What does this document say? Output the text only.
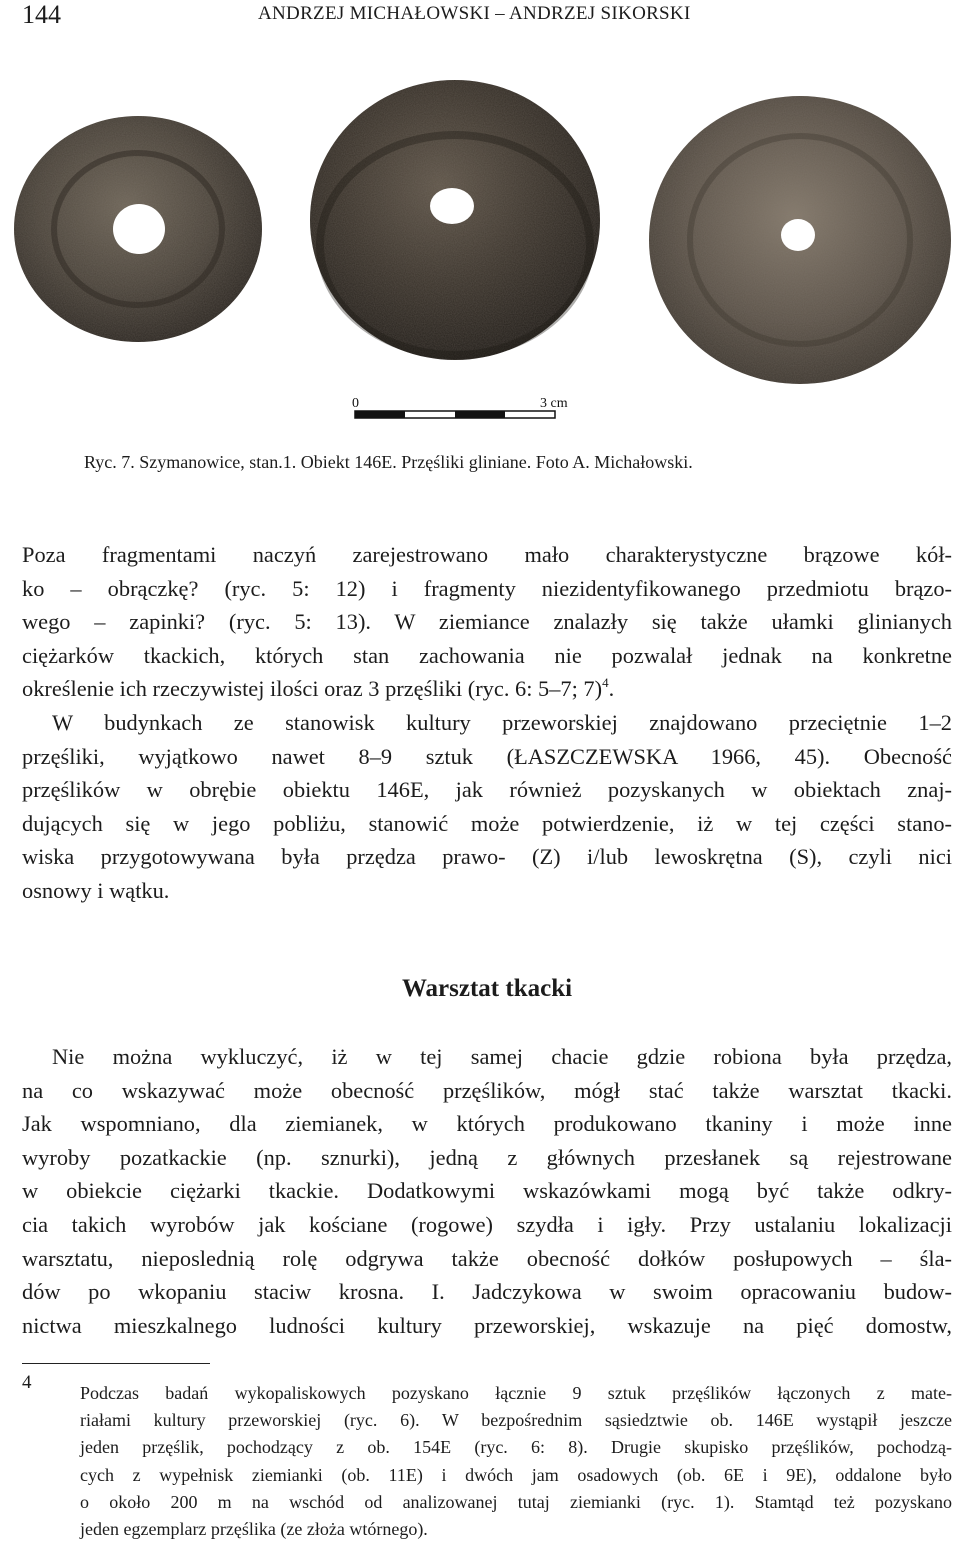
144	ANDRZEJ MICHAŁOWSKI – ANDRZEJ SIKORSKI
0	3 cm
Ryc. 7. Szymanowice, stan.1. Obiekt 146E. Przęśliki gliniane. Foto A. Michałowski.
Poza fragmentami naczyń zarejestrowano mało charakterystyczne brązowe kół-
ko – obrączkę? (ryc. 5: 12) i fragmenty niezidentyfikowanego przedmiotu brązo-
wego – zapinki? (ryc. 5: 13). W ziemiance znalazły się także ułamki glinianych
ciężarków tkackich, których stan zachowania nie pozwalał jednak na konkretne
określenie ich rzeczywistej ilości oraz 3 przęśliki (ryc. 6: 5–7; 7)$^4$.
W budynkach ze stanowisk kultury przeworskiej znajdowano przeciętnie 1–2
przęśliki, wyjątkowo nawet 8–9 sztuk (ŁASZCZEWSKA 1966, 45). Obecność
przęślików w obrębie obiektu 146E, jak również pozyskanych w obiektach znaj-
dujących się w jego pobliżu, stanowić może potwierdzenie, iż w tej części stano-
wiska przygotowywana była przędza prawo- (Z) i/lub lewoskrętna (S), czyli nici
osnowy i wątku.
Warsztat tkacki
Nie można wykluczyć, iż w tej samej chacie gdzie robiona była przędza,
na co wskazywać może obecność przęślików, mógł stać także warsztat tkacki.
Jak wspomniano, dla ziemianek, w których produkowano tkaniny i może inne
wyroby pozatkackie (np. sznurki), jedną z głównych przesłanek są rejestrowane
w obiekcie ciężarki tkackie. Dodatkowymi wskazówkami mogą być także odkry-
cia takich wyrobów jak kościane (rogowe) szydła i igły. Przy ustalaniu lokalizacji
warsztatu, nieposlednią rolę odgrywa także obecność dołków posłupowych – śla-
dów po wkopaniu staciw krosna. I. Jadczykowa w swoim opracowaniu budow-
nictwa mieszkalnego ludności kultury przeworskiej, wskazuje na pięć domostw,
4	Podczas badań wykopaliskowych pozyskano łącznie 9 sztuk przęślików łączonych z mate-
riałami kultury przeworskiej (ryc. 6). W bezpośrednim sąsiedztwie ob. 146E wystąpił jeszcze
jeden przęślik, pochodzący z ob. 154E (ryc. 6: 8). Drugie skupisko przęślików, pochodzą-
cych z wypełnisk ziemianki (ob. 11E) i dwóch jam osadowych (ob. 6E i 9E), oddalone było
o około 200 m na wschód od analizowanej tutaj ziemianki (ryc. 1). Stamtąd też pozyskano
jeden egzemplarz przęślika (ze złoża wtórnego).
